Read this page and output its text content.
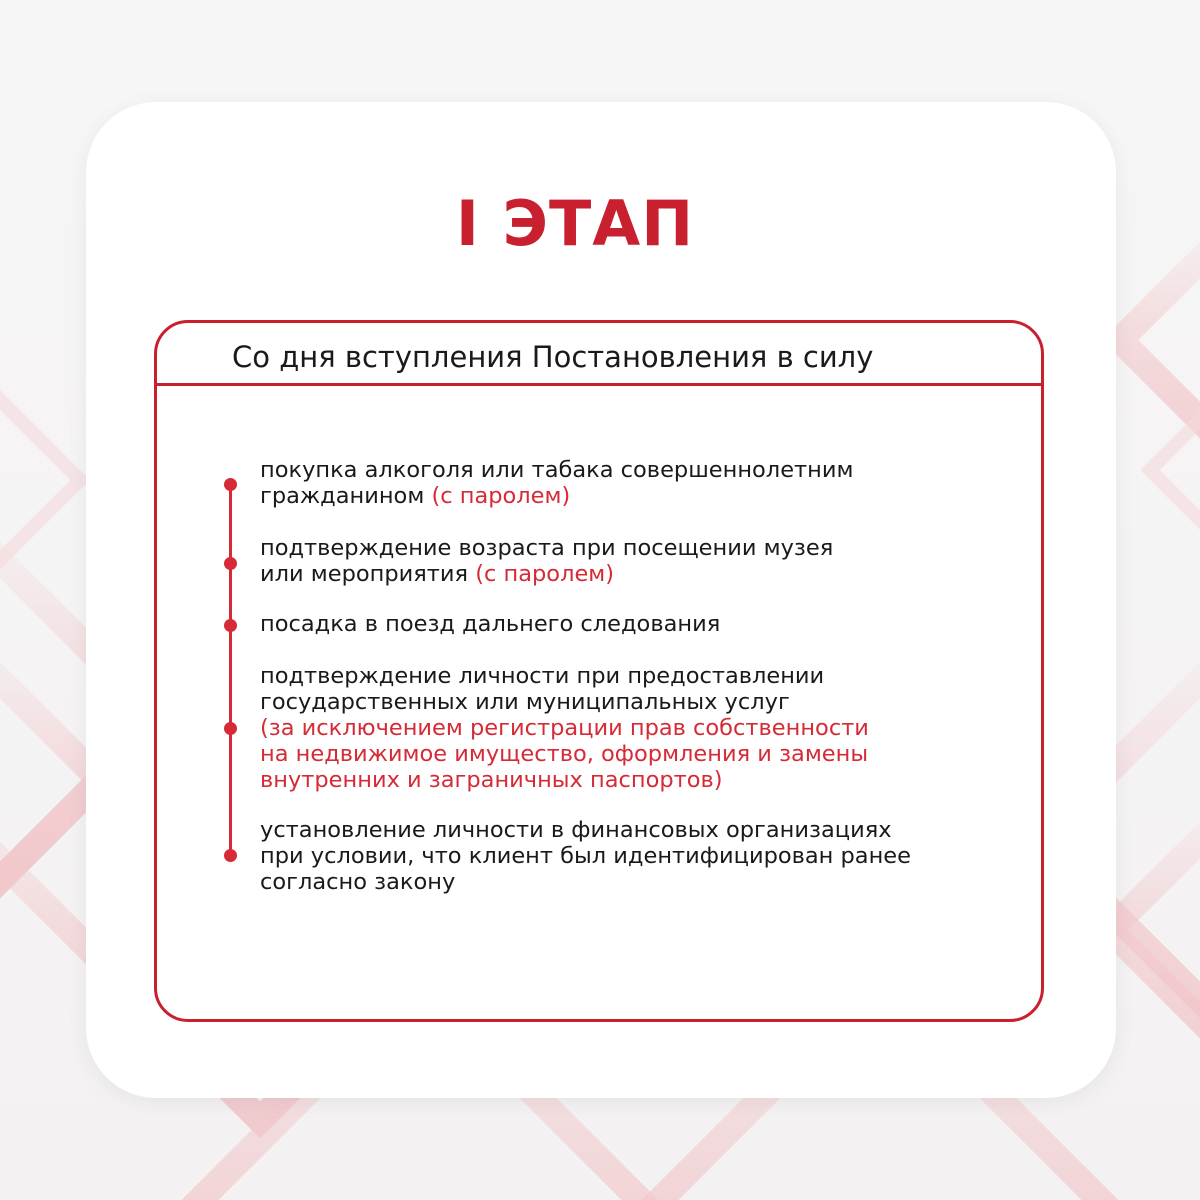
I ЭТАП
Со дня вступления Постановления в силу
покупка алкоголя или табака совершеннолетним
гражданином (с паролем)
подтверждение возраста при посещении музея
или мероприятия (с паролем)
посадка в поезд дальнего следования
подтверждение личности при предоставлении
государственных или муниципальных услуг
(за исключением регистрации прав собственности
на недвижимое имущество, оформления и замены
внутренних и заграничных паспортов)
установление личности в финансовых организациях
при условии, что клиент был идентифицирован ранее
согласно закону
